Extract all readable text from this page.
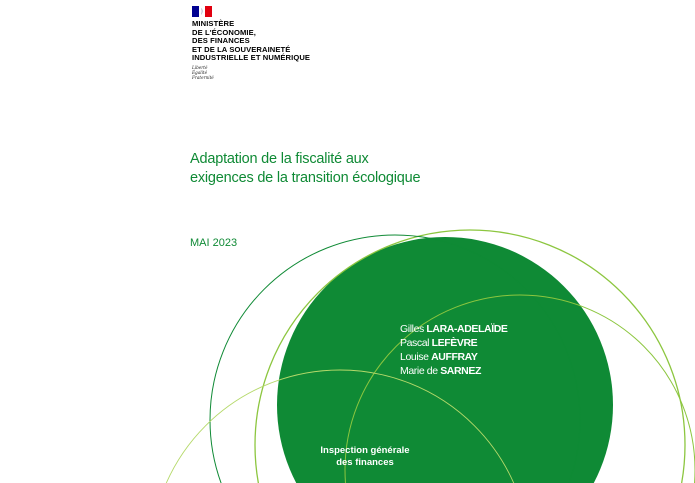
MINISTÈRE
DE L'ÉCONOMIE,
DES FINANCES
ET DE LA SOUVERAINETÉ
INDUSTRIELLE ET NUMÉRIQUE
Liberté
Égalité
Fraternité
Adaptation de la fiscalité aux
exigences de la transition écologique
MAI 2023
Gilles LARA-ADELAÏDE
Pascal LEFÈVRE
Louise AUFFRAY
Marie de SARNEZ
Inspection générale
des finances
